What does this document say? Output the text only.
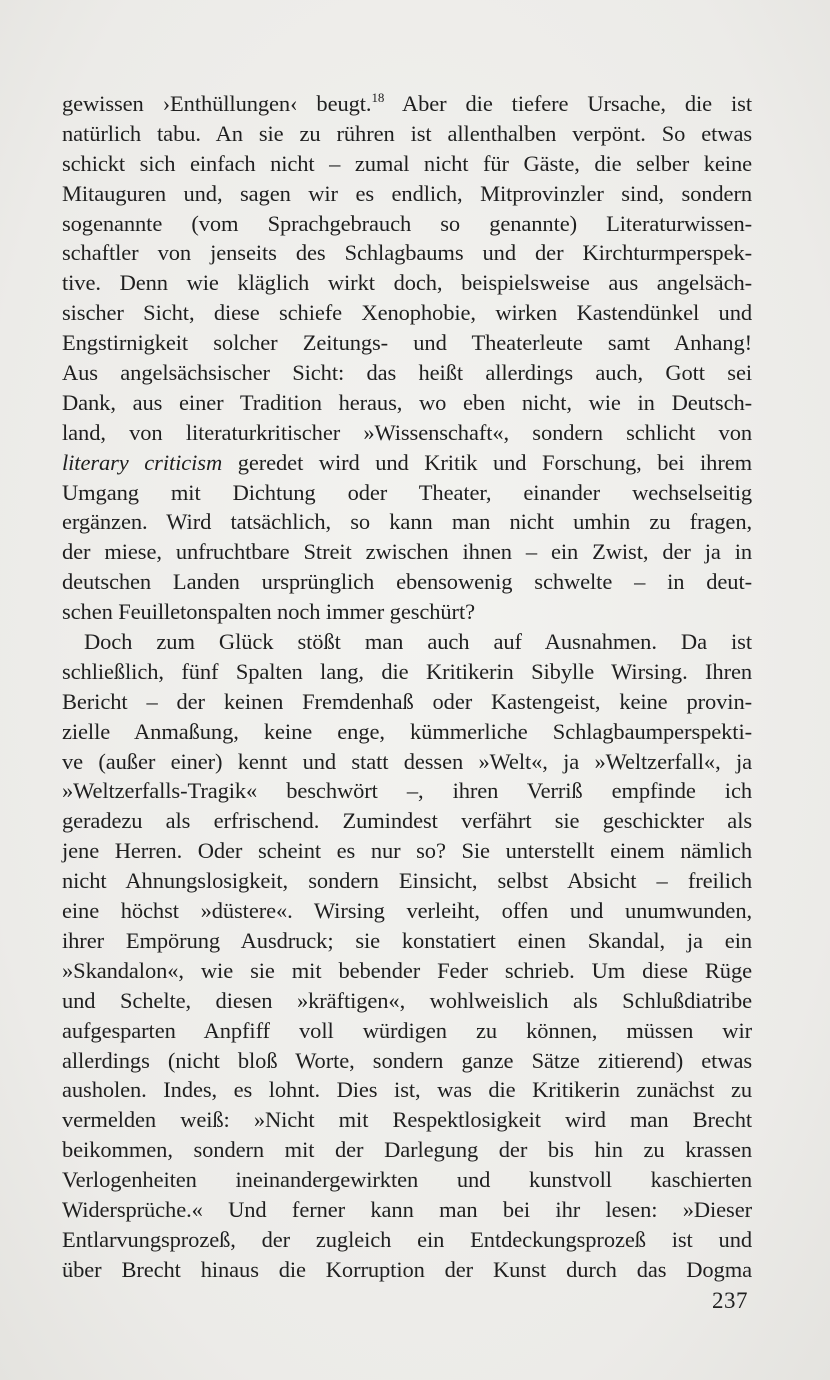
gewissen ›Enthüllungen‹ beugt.$^{18}$ Aber die tiefere Ursache, die ist
natürlich tabu. An sie zu rühren ist allenthalben verpönt. So etwas
schickt sich einfach nicht – zumal nicht für Gäste, die selber keine
Mitauguren und, sagen wir es endlich, Mitprovinzler sind, sondern
sogenannte (vom Sprachgebrauch so genannte) Literaturwissen-
schaftler von jenseits des Schlagbaums und der Kirchturmperspek-
tive. Denn wie kläglich wirkt doch, beispielsweise aus angelsäch-
sischer Sicht, diese schiefe Xenophobie, wirken Kastendünkel und
Engstirnigkeit solcher Zeitungs- und Theaterleute samt Anhang!
Aus angelsächsischer Sicht: das heißt allerdings auch, Gott sei
Dank, aus einer Tradition heraus, wo eben nicht, wie in Deutsch-
land, von literaturkritischer »Wissenschaft«, sondern schlicht von
literary criticism geredet wird und Kritik und Forschung, bei ihrem
Umgang mit Dichtung oder Theater, einander wechselseitig
ergänzen. Wird tatsächlich, so kann man nicht umhin zu fragen,
der miese, unfruchtbare Streit zwischen ihnen – ein Zwist, der ja in
deutschen Landen ursprünglich ebensowenig schwelte – in deut-
schen Feuilletonspalten noch immer geschürt?
Doch zum Glück stößt man auch auf Ausnahmen. Da ist
schließlich, fünf Spalten lang, die Kritikerin Sibylle Wirsing. Ihren
Bericht – der keinen Fremdenhaß oder Kastengeist, keine provin-
zielle Anmaßung, keine enge, kümmerliche Schlagbaumperspekti-
ve (außer einer) kennt und statt dessen »Welt«, ja »Weltzerfall«, ja
»Weltzerfalls-Tragik« beschwört –, ihren Verriß empfinde ich
geradezu als erfrischend. Zumindest verfährt sie geschickter als
jene Herren. Oder scheint es nur so? Sie unterstellt einem nämlich
nicht Ahnungslosigkeit, sondern Einsicht, selbst Absicht – freilich
eine höchst »düstere«. Wirsing verleiht, offen und unumwunden,
ihrer Empörung Ausdruck; sie konstatiert einen Skandal, ja ein
»Skandalon«, wie sie mit bebender Feder schrieb. Um diese Rüge
und Schelte, diesen »kräftigen«, wohlweislich als Schlußdiatribe
aufgesparten Anpfiff voll würdigen zu können, müssen wir
allerdings (nicht bloß Worte, sondern ganze Sätze zitierend) etwas
ausholen. Indes, es lohnt. Dies ist, was die Kritikerin zunächst zu
vermelden weiß: »Nicht mit Respektlosigkeit wird man Brecht
beikommen, sondern mit der Darlegung der bis hin zu krassen
Verlogenheiten ineinandergewirkten und kunstvoll kaschierten
Widersprüche.« Und ferner kann man bei ihr lesen: »Dieser
Entlarvungsprozeß, der zugleich ein Entdeckungsprozeß ist und
über Brecht hinaus die Korruption der Kunst durch das Dogma
237
